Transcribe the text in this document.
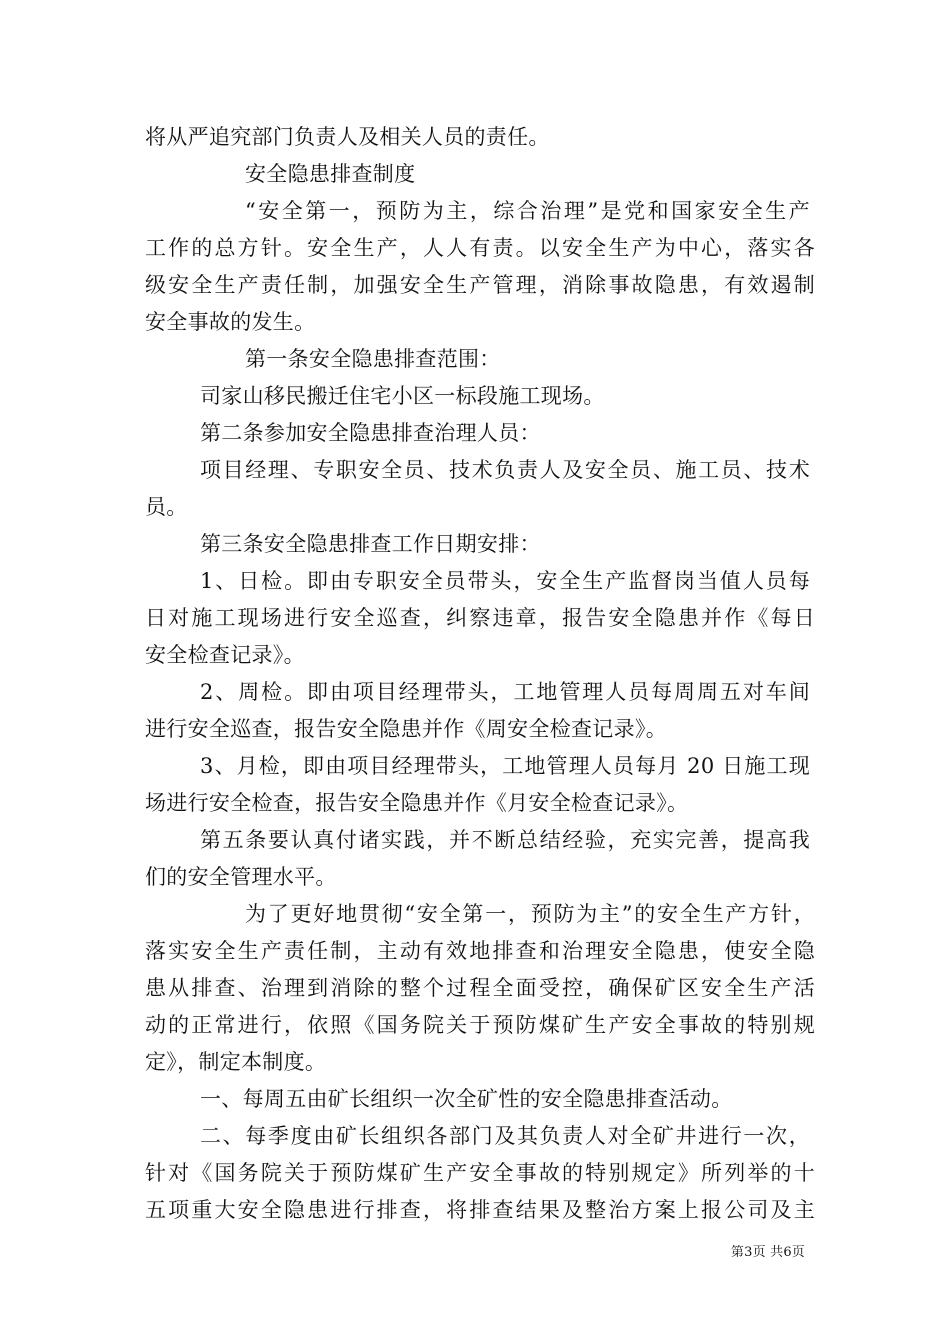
将从严追究部门负责人及相关人员的责任。
安全隐患排查制度
“安全第一，预防为主，综合治理”是党和国家安全生产
工作的总方针。安全生产，人人有责。以安全生产为中心，落实各
级安全生产责任制，加强安全生产管理，消除事故隐患，有效遏制
安全事故的发生。
第一条安全隐患排查范围：
司家山移民搬迁住宅小区一标段施工现场。
第二条参加安全隐患排查治理人员：
项目经理、专职安全员、技术负责人及安全员、施工员、技术
员。
第三条安全隐患排查工作日期安排：
1、日检。即由专职安全员带头，安全生产监督岗当值人员每
日对施工现场进行安全巡查，纠察违章，报告安全隐患并作《每日
安全检查记录》。
2、周检。即由项目经理带头，工地管理人员每周周五对车间
进行安全巡查，报告安全隐患并作《周安全检查记录》。
3、月检，即由项目经理带头，工地管理人员每月 20 日施工现
场进行安全检查，报告安全隐患并作《月安全检查记录》。
第五条要认真付诸实践，并不断总结经验，充实完善，提高我
们的安全管理水平。
为了更好地贯彻“安全第一，预防为主”的安全生产方针，
落实安全生产责任制，主动有效地排查和治理安全隐患，使安全隐
患从排查、治理到消除的整个过程全面受控，确保矿区安全生产活
动的正常进行，依照《国务院关于预防煤矿生产安全事故的特别规
定》，制定本制度。
一、每周五由矿长组织一次全矿性的安全隐患排查活动。
二、每季度由矿长组织各部门及其负责人对全矿井进行一次，
针对《国务院关于预防煤矿生产安全事故的特别规定》所列举的十
五项重大安全隐患进行排查，将排查结果及整治方案上报公司及主
第3页 共6页
